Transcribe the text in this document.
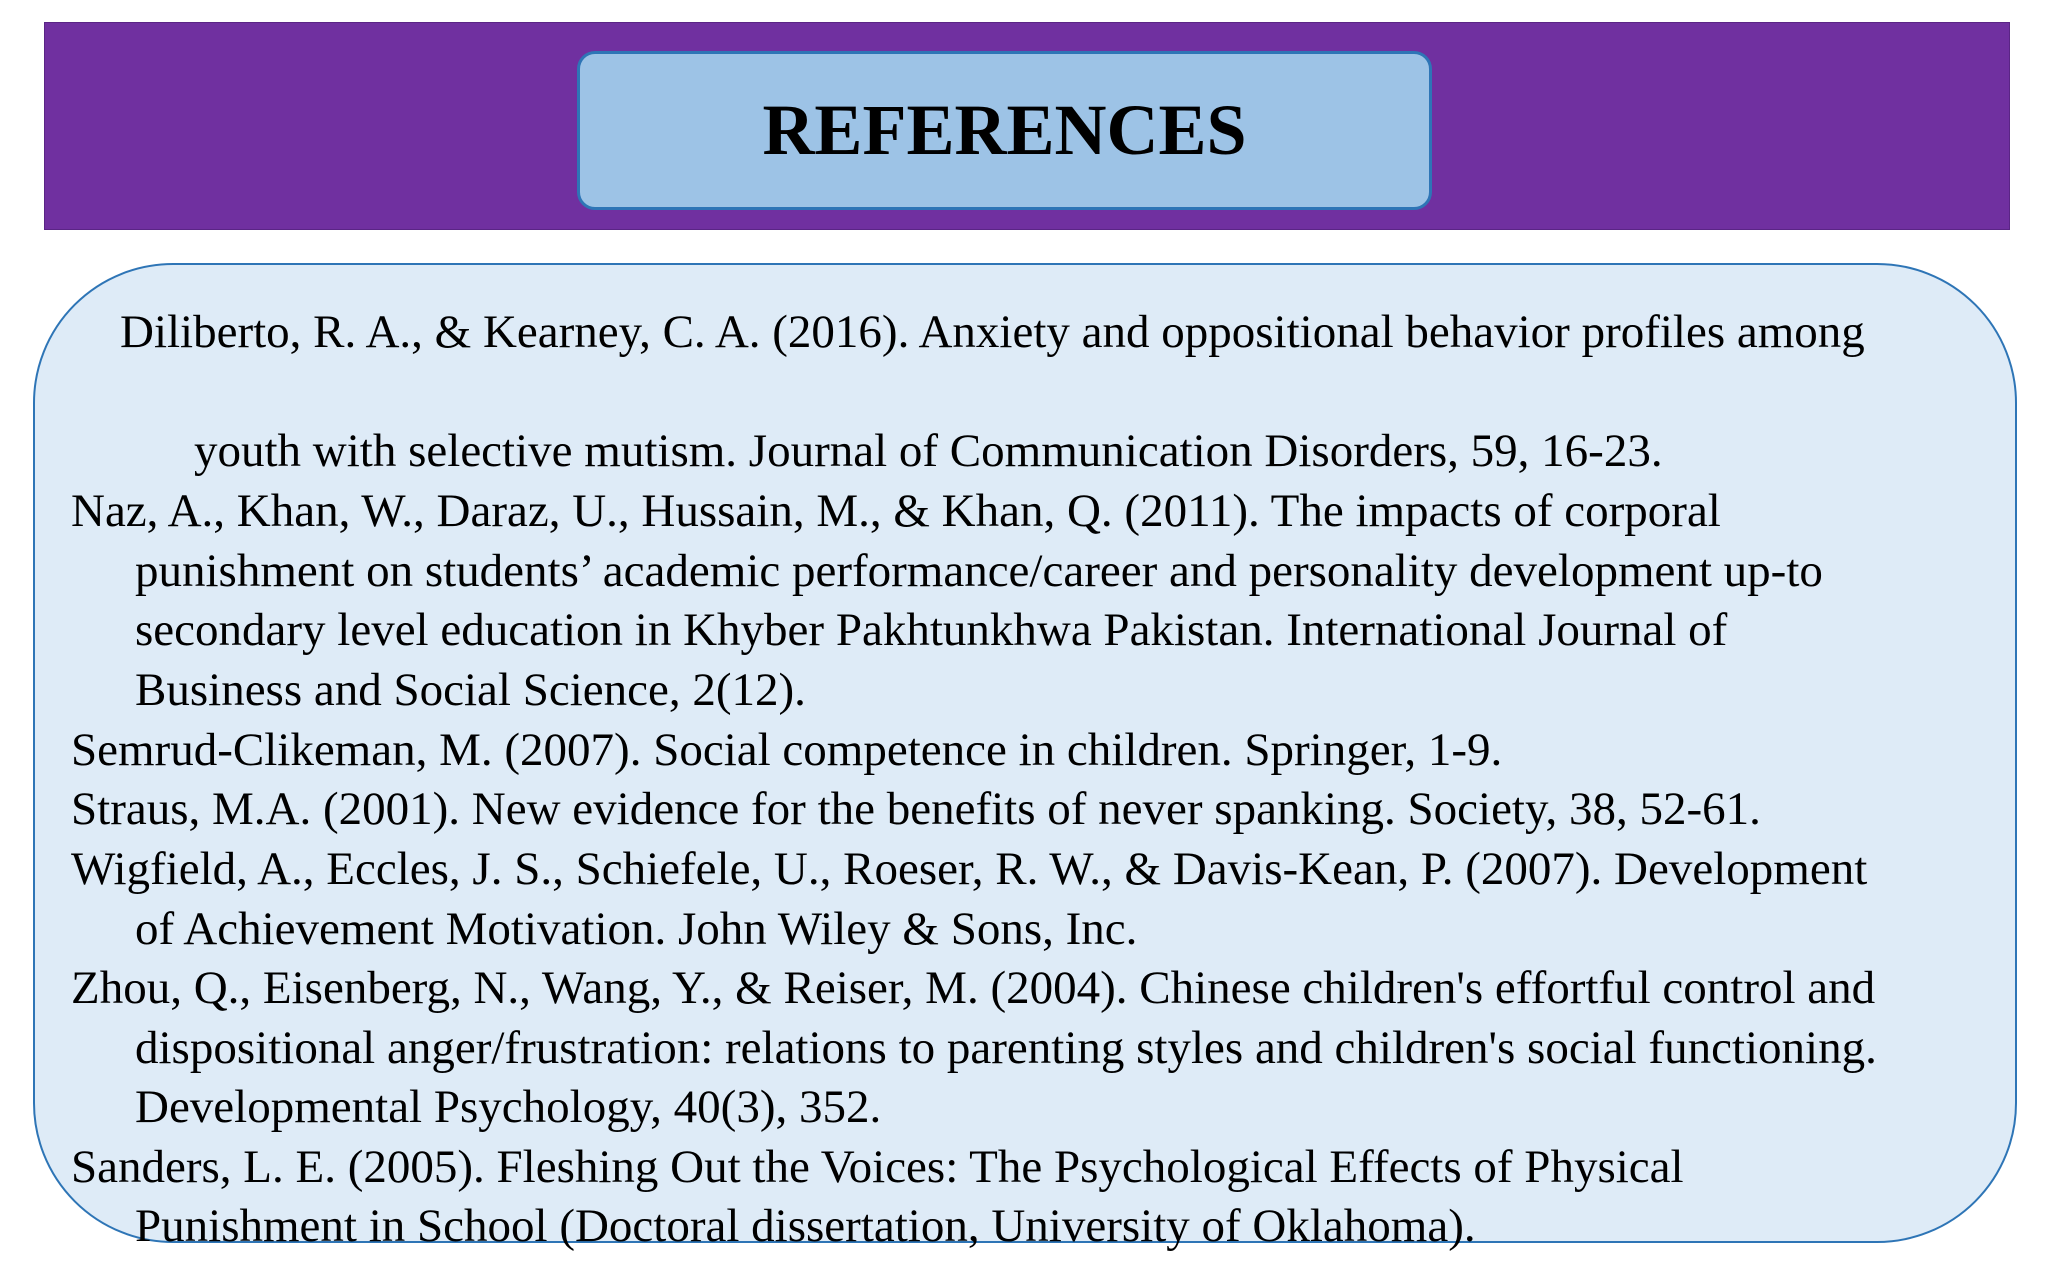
REFERENCES
Diliberto, R. A., & Kearney, C. A. (2016). Anxiety and oppositional behavior profiles among
youth with selective mutism. Journal of Communication Disorders, 59, 16-23.
Naz, A., Khan, W., Daraz, U., Hussain, M., & Khan, Q. (2011). The impacts of corporal
punishment on students’ academic performance/career and personality development up-to
secondary level education in Khyber Pakhtunkhwa Pakistan. International Journal of
Business and Social Science, 2(12).
Semrud-Clikeman, M. (2007). Social competence in children. Springer, 1-9.
Straus, M.A. (2001). New evidence for the benefits of never spanking. Society, 38, 52-61.
Wigfield, A., Eccles, J. S., Schiefele, U., Roeser, R. W., & Davis-Kean, P. (2007). Development
of Achievement Motivation. John Wiley & Sons, Inc.
Zhou, Q., Eisenberg, N., Wang, Y., & Reiser, M. (2004). Chinese children's effortful control and
dispositional anger/frustration: relations to parenting styles and children's social functioning.
Developmental Psychology, 40(3), 352.
Sanders, L. E. (2005). Fleshing Out the Voices: The Psychological Effects of Physical
Punishment in School (Doctoral dissertation, University of Oklahoma).
